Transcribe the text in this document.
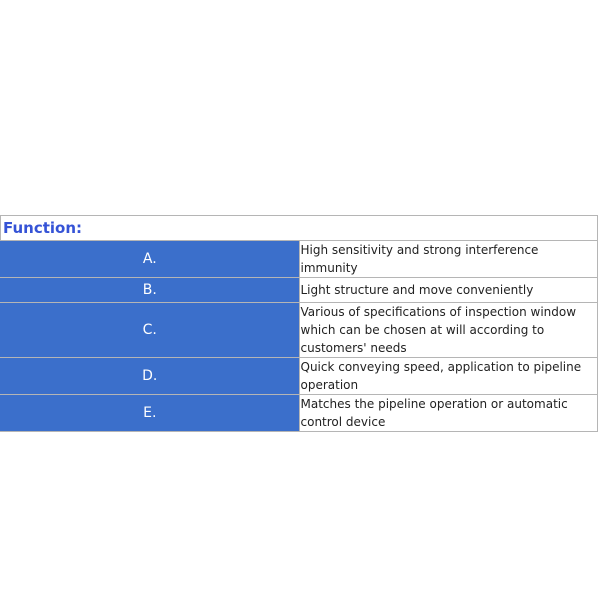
Function:	
A.	High sensitivity and strong interference immunity
B.	Light structure and move conveniently
C.	Various of specifications of inspection window which can be chosen at will according to customers' needs
D.	Quick conveying speed, application to pipeline operation
E.	Matches the pipeline operation or automatic control device
